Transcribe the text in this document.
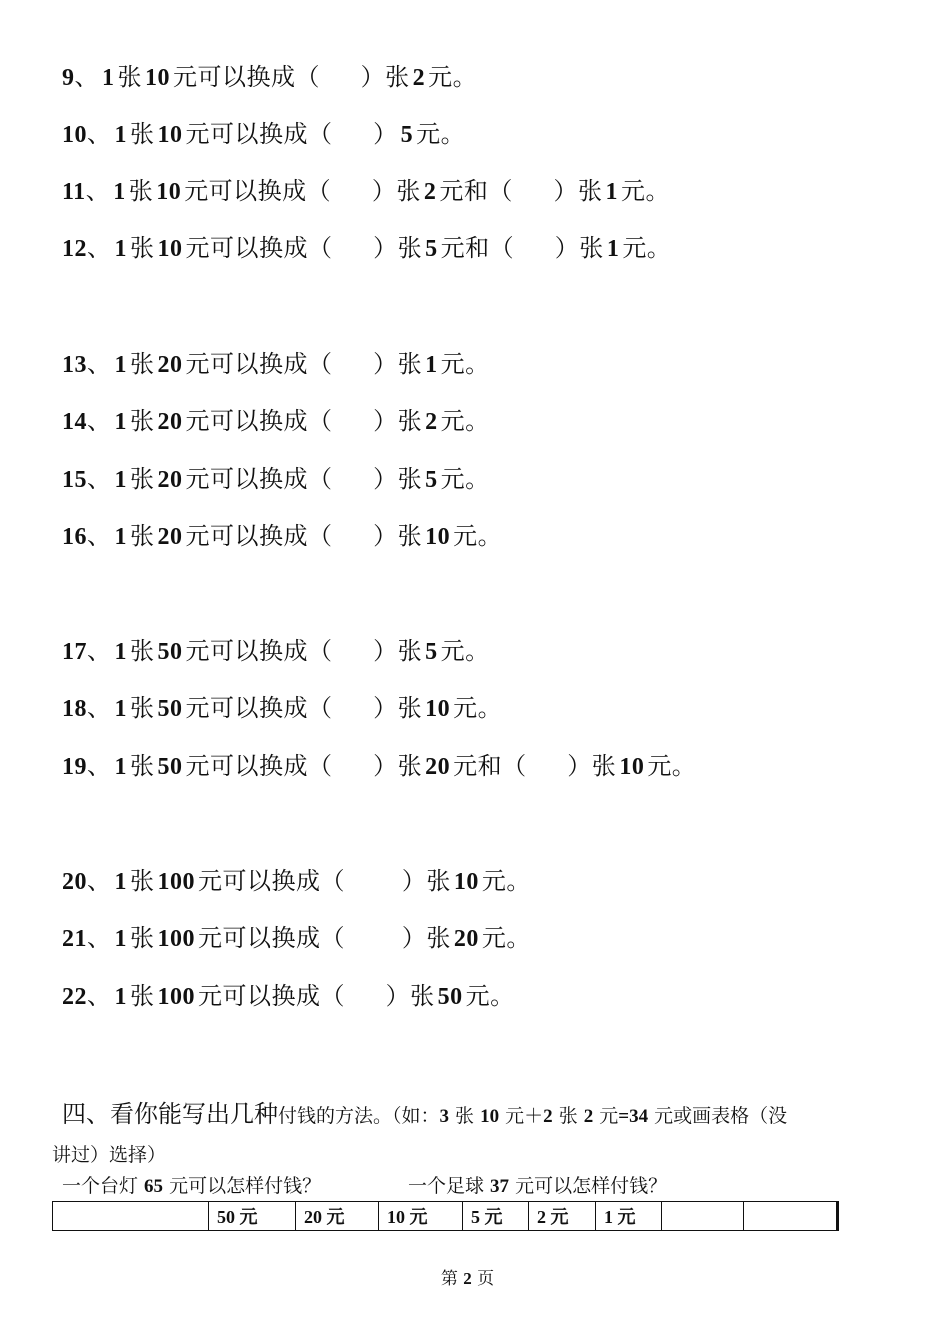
9、 1 张 10 元可以换成（     ）张 2 元。
10、 1 张 10 元可以换成（     ） 5 元。
11、 1 张 10 元可以换成（     ）张 2 元和（     ）张 1 元。
12、 1 张 10 元可以换成（     ）张 5 元和（     ）张 1 元。
13、 1 张 20 元可以换成（     ）张 1 元。
14、 1 张 20 元可以换成（     ）张 2 元。
15、 1 张 20 元可以换成（     ）张 5 元。
16、 1 张 20 元可以换成（     ）张 10 元。
17、 1 张 50 元可以换成（     ）张 5 元。
18、 1 张 50 元可以换成（     ）张 10 元。
19、 1 张 50 元可以换成（     ）张 20 元和（     ）张 10 元。
20、 1 张 100 元可以换成（       ）张 10 元。
21、 1 张 100 元可以换成（       ）张 20 元。
22、 1 张 100 元可以换成（     ）张 50 元。
四、看你能写出几种付钱的方法。（如：3 张 10 元＋2 张 2 元=34 元或画表格（没
讲过）选择）
一个台灯 65 元可以怎样付钱？	一个足球 37 元可以怎样付钱？
	50 元	20 元	10 元	5 元	2 元	1 元		
第 2 页
